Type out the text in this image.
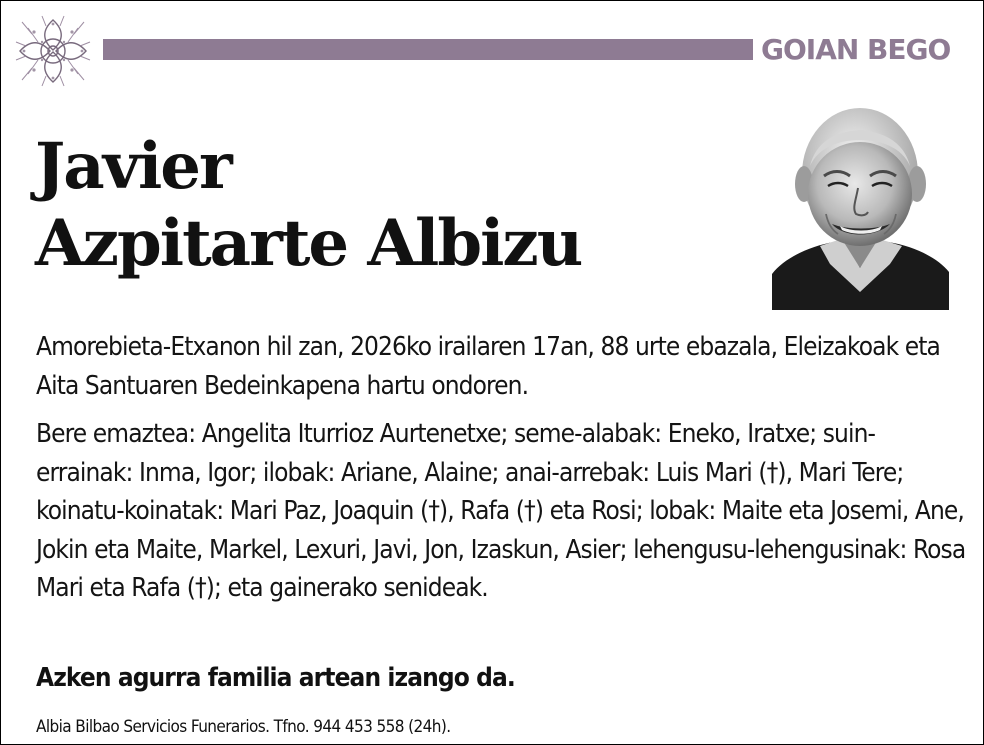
GOIAN BEGO
Javier
Azpitarte Albizu

Amorebieta-Etxanon hil zan, 2026ko irailaren 17an, 88 urte ebazala, Eleizakoak eta Aita Santuaren Bedeinkapena hartu ondoren.

Bere emaztea: Angelita Iturrioz Aurtenetxe; seme-alabak: Eneko, Iratxe; suin-errainak: Inma, Igor; ilobak: Ariane, Alaine; anai-arrebak: Luis Mari (†), Mari Tere; koinatu-koinatak: Mari Paz, Joaquin (†), Rafa (†) eta Rosi; lobak: Maite eta Josemi, Ane, Jokin eta Maite, Markel, Lexuri, Javi, Jon, Izaskun, Asier; lehengusu-lehengusinak: Rosa Mari eta Rafa (†); eta gainerako senideak.

Azken agurra familia artean izango da.
Albia Bilbao Servicios Funerarios. Tfno. 944 453 558 (24h).
